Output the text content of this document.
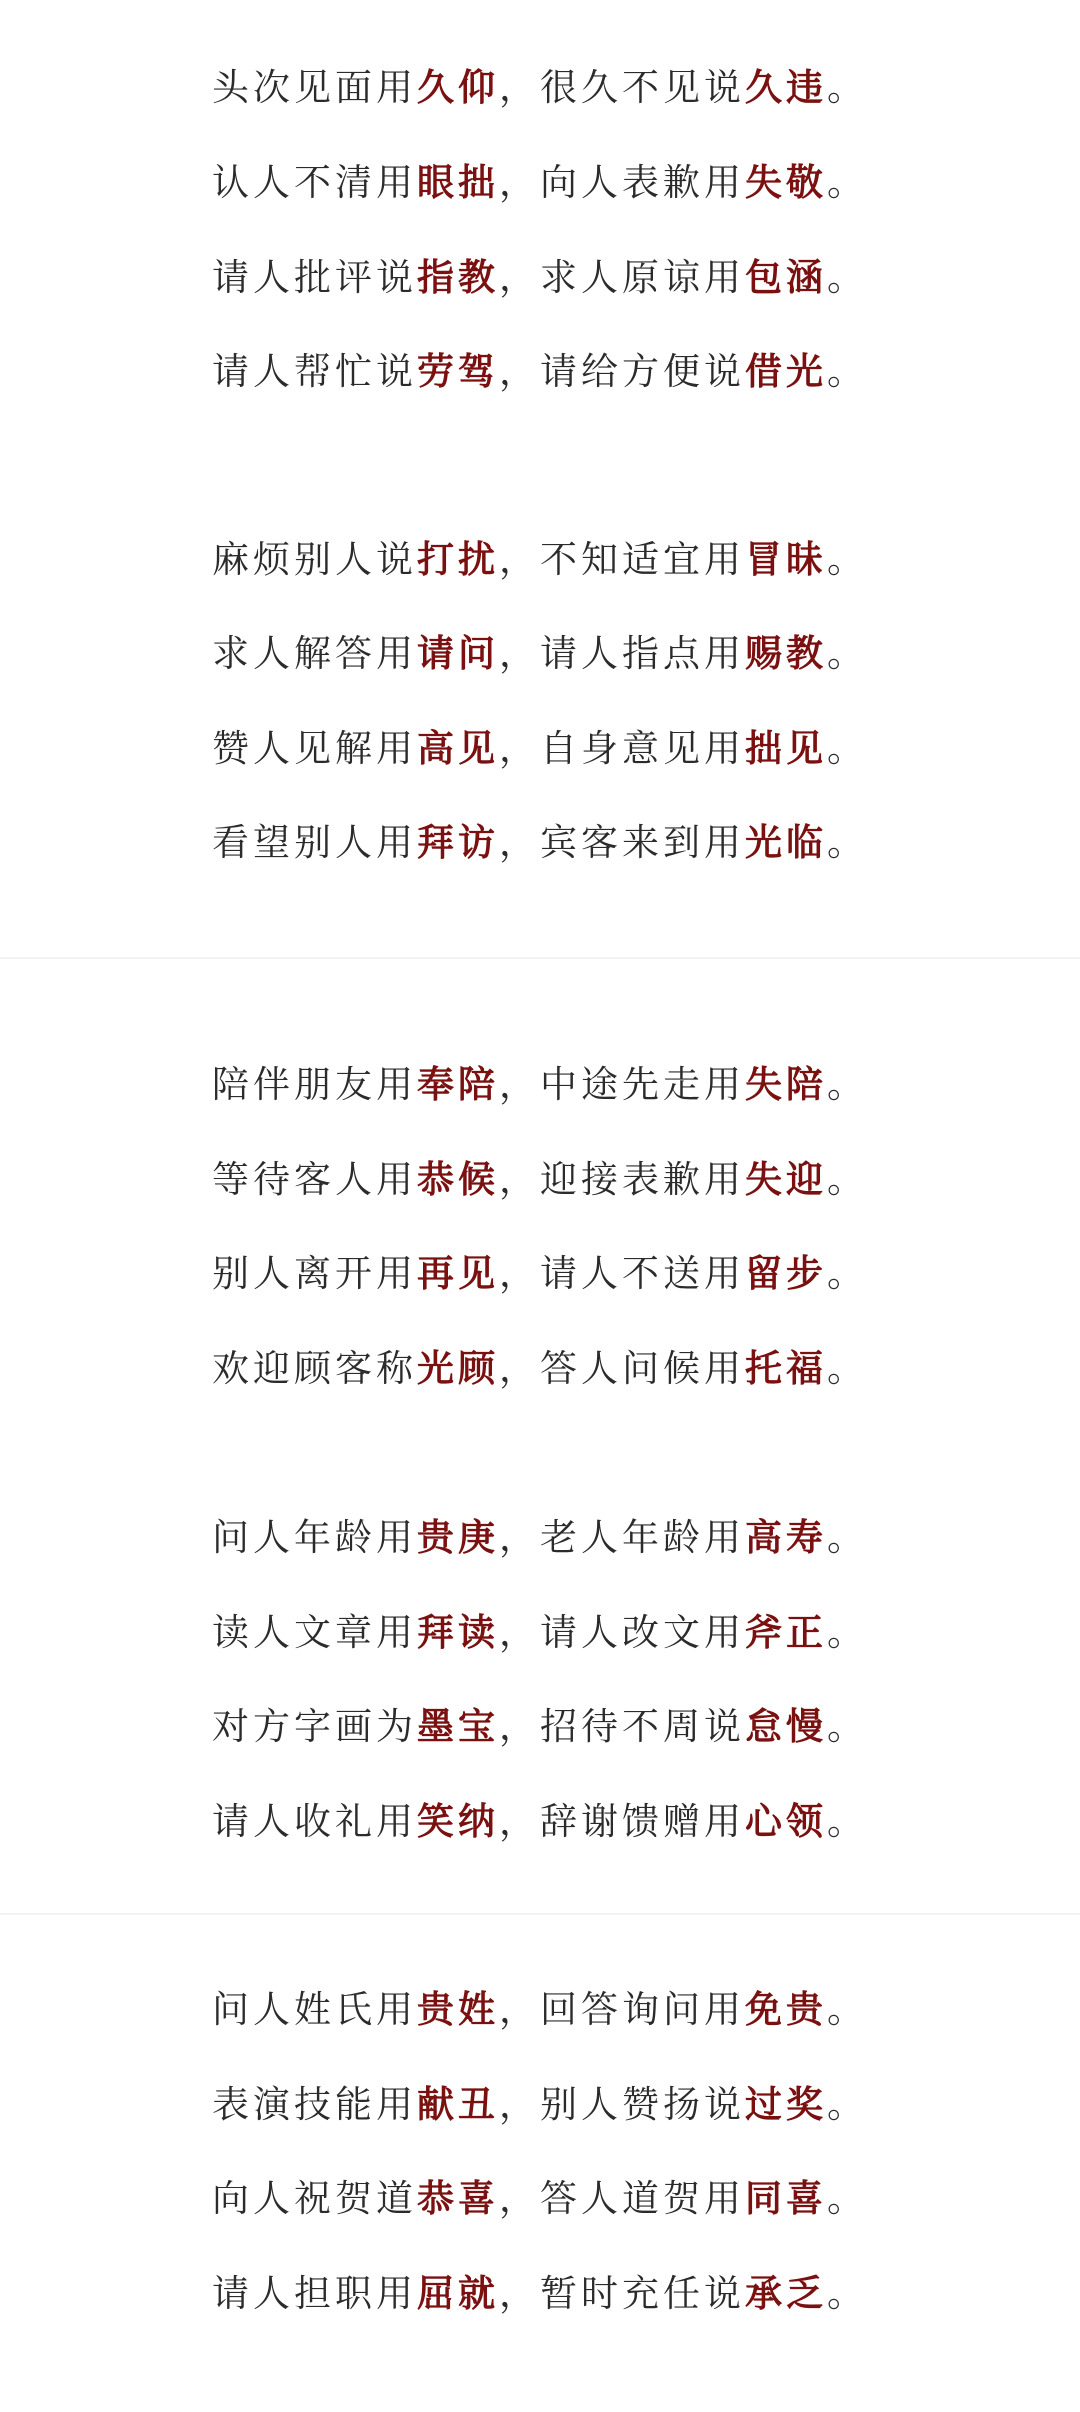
头次见面用久仰，很久不见说久违。
认人不清用眼拙，向人表歉用失敬。
请人批评说指教，求人原谅用包涵。
请人帮忙说劳驾，请给方便说借光。
麻烦别人说打扰，不知适宜用冒昧。
求人解答用请问，请人指点用赐教。
赞人见解用高见，自身意见用拙见。
看望别人用拜访，宾客来到用光临。
陪伴朋友用奉陪，中途先走用失陪。
等待客人用恭候，迎接表歉用失迎。
别人离开用再见，请人不送用留步。
欢迎顾客称光顾，答人问候用托福。
问人年龄用贵庚，老人年龄用高寿。
读人文章用拜读，请人改文用斧正。
对方字画为墨宝，招待不周说怠慢。
请人收礼用笑纳，辞谢馈赠用心领。
问人姓氏用贵姓，回答询问用免贵。
表演技能用献丑，别人赞扬说过奖。
向人祝贺道恭喜，答人道贺用同喜。
请人担职用屈就，暂时充任说承乏。
